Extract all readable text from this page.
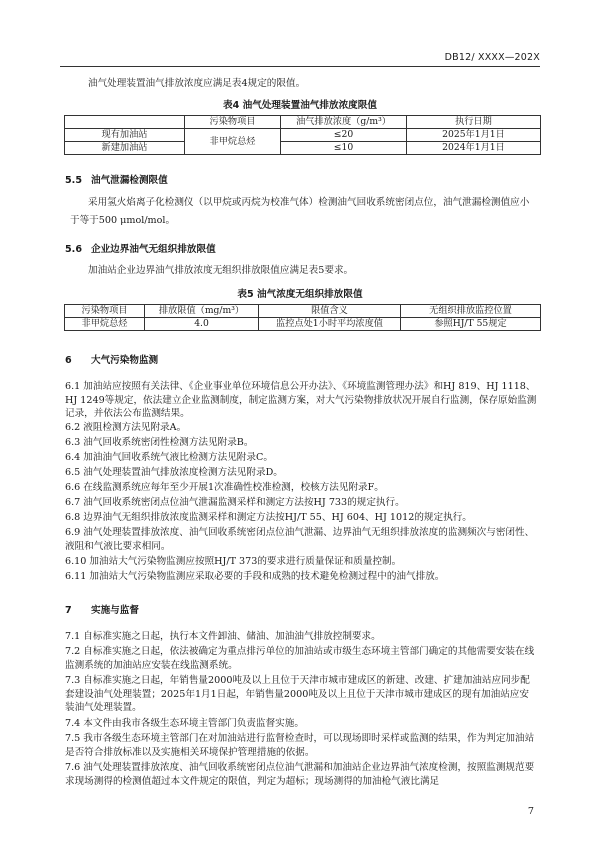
DB12/ XXXX—202X
油气处理装置油气排放浓度应满足表4规定的限值。
表4 油气处理装置油气排放浓度限值
	污染物项目	油气排放浓度（g/m³）	执行日期
现有加油站	非甲烷总烃	≤20	2025年1月1日
新建加油站		≤10	2024年1月1日
5.5 油气泄漏检测限值
采用氢火焰离子化检测仪（以甲烷或丙烷为校准气体）检测油气回收系统密闭点位，油气泄漏检测值应小于等于500 μmol/mol。
5.6 企业边界油气无组织排放限值
加油站企业边界油气排放浓度无组织排放限值应满足表5要求。
表5 油气浓度无组织排放限值
污染物项目	排放限值（mg/m³）	限值含义	无组织排放监控位置
非甲烷总烃	4.0	监控点处1小时平均浓度值	参照HJ/T 55规定
6 大气污染物监测
6.1 加油站应按照有关法律、《企业事业单位环境信息公开办法》、《环境监测管理办法》和HJ 819、HJ 1118、HJ 1249等规定，依法建立企业监测制度，制定监测方案，对大气污染物排放状况开展自行监测，保存原始监测记录，并依法公布监测结果。
6.2 液阻检测方法见附录A。
6.3 油气回收系统密闭性检测方法见附录B。
6.4 加油油气回收系统气液比检测方法见附录C。
6.5 油气处理装置油气排放浓度检测方法见附录D。
6.6 在线监测系统应每年至少开展1次准确性校准检测，校核方法见附录F。
6.7 油气回收系统密闭点位油气泄漏监测采样和测定方法按HJ 733的规定执行。
6.8 边界油气无组织排放浓度监测采样和测定方法按HJ/T 55、HJ 604、HJ 1012的规定执行。
6.9 油气处理装置排放浓度、油气回收系统密闭点位油气泄漏、边界油气无组织排放浓度的监测频次与密闭性、液阻和气液比要求相同。
6.10 加油站大气污染物监测应按照HJ/T 373的要求进行质量保证和质量控制。
6.11 加油站大气污染物监测应采取必要的手段和成熟的技术避免检测过程中的油气排放。
7 实施与监督
7.1 自标准实施之日起，执行本文件卸油、储油、加油油气排放控制要求。
7.2 自标准实施之日起，依法被确定为重点排污单位的加油站或市级生态环境主管部门确定的其他需要安装在线监测系统的加油站应安装在线监测系统。
7.3 自标准实施之日起，年销售量2000吨及以上且位于天津市城市建成区的新建、改建、扩建加油站应同步配套建设油气处理装置；2025年1月1日起，年销售量2000吨及以上且位于天津市城市建成区的现有加油站应安装油气处理装置。
7.4 本文件由我市各级生态环境主管部门负责监督实施。
7.5 我市各级生态环境主管部门在对加油站进行监督检查时，可以现场即时采样或监测的结果，作为判定加油站是否符合排放标准以及实施相关环境保护管理措施的依据。
7.6 油气处理装置排放浓度、油气回收系统密闭点位油气泄漏和加油站企业边界油气浓度检测，按照监测规范要求现场测得的检测值超过本文件规定的限值，判定为超标；现场测得的加油枪气液比满足
7
